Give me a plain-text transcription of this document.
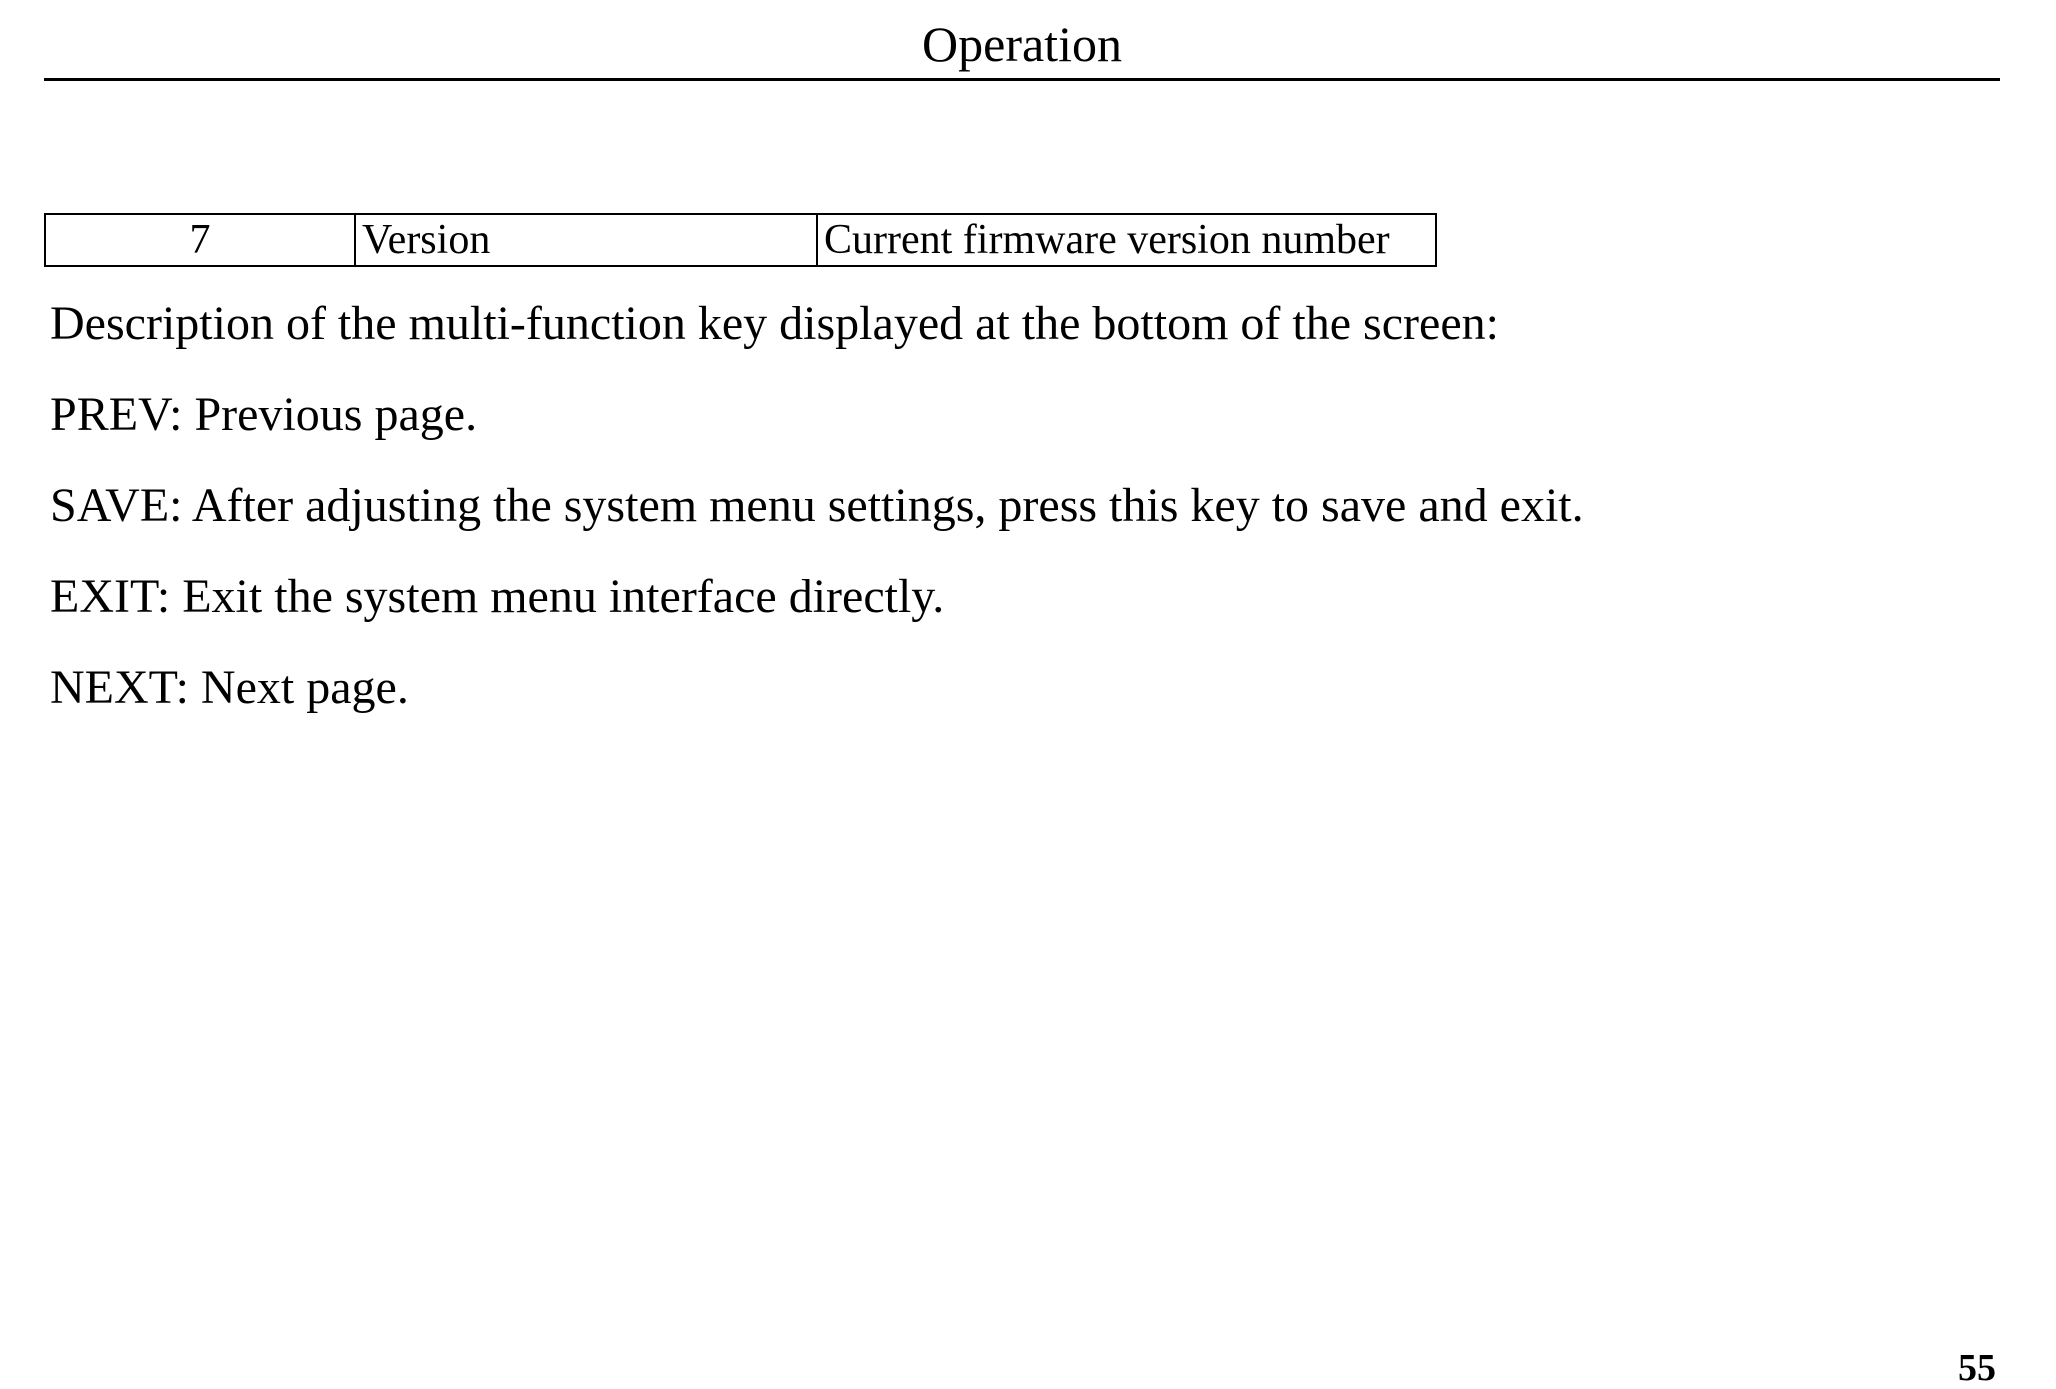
Operation
7	Version	Current firmware version number

Description of the multi-function key displayed at the bottom of the screen:

PREV: Previous page.

SAVE: After adjusting the system menu settings, press this key to save and exit.

EXIT: Exit the system menu interface directly.

NEXT: Next page.

55
